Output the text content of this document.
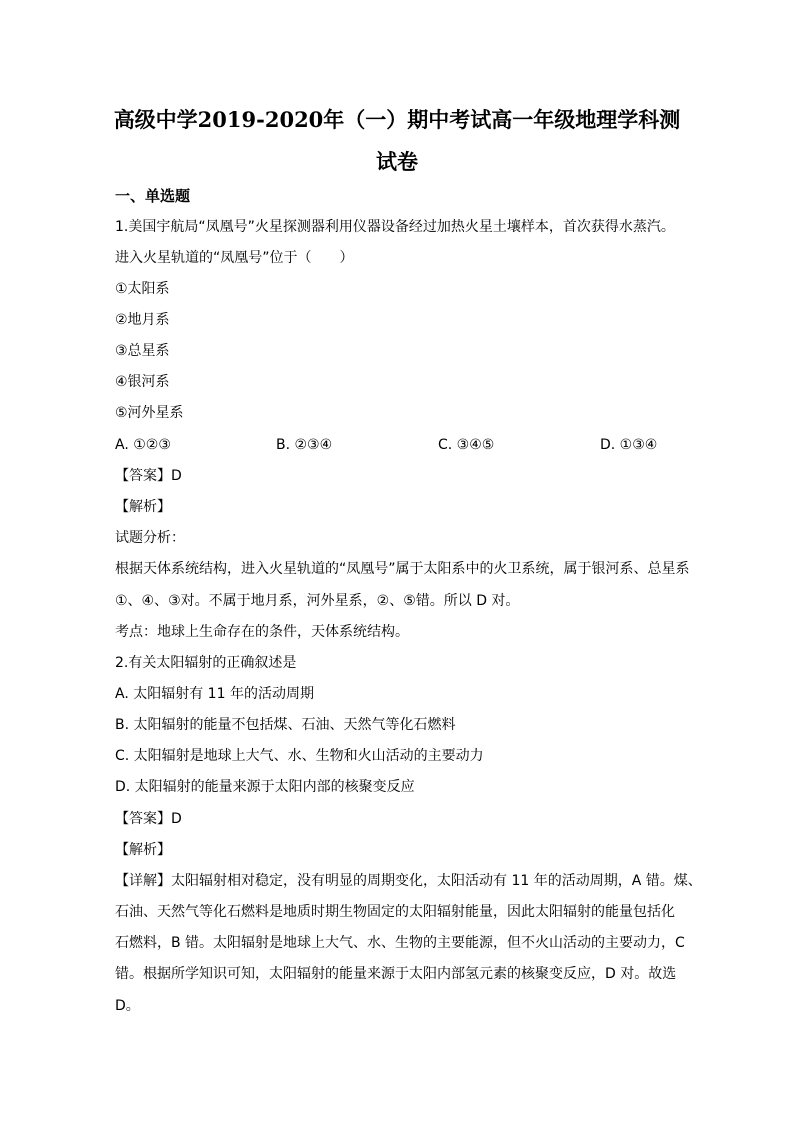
高级中学2019-2020年（一）期中考试高一年级地理学科测
试卷
一、单选题
1.美国宇航局“凤凰号”火星探测器利用仪器设备经过加热火星土壤样本，首次获得水蒸汽。
进入火星轨道的“凤凰号”位于（　　）
①太阳系
②地月系
③总星系
④银河系
⑤河外星系
A. ①②③	B. ②③④	C. ③④⑤	D. ①③④
【答案】D
【解析】
试题分析：
根据天体系统结构，进入火星轨道的“凤凰号”属于太阳系中的火卫系统，属于银河系、总星系
①、④、③对。不属于地月系，河外星系，②、⑤错。所以 D 对。
考点：地球上生命存在的条件，天体系统结构。
2.有关太阳辐射的正确叙述是
A. 太阳辐射有 11 年的活动周期
B. 太阳辐射的能量不包括煤、石油、天然气等化石燃料
C. 太阳辐射是地球上大气、水、生物和火山活动的主要动力
D. 太阳辐射的能量来源于太阳内部的核聚变反应
【答案】D
【解析】
【详解】太阳辐射相对稳定，没有明显的周期变化，太阳活动有 11 年的活动周期，A 错。煤、
石油、天然气等化石燃料是地质时期生物固定的太阳辐射能量，因此太阳辐射的能量包括化
石燃料，B 错。太阳辐射是地球上大气、水、生物的主要能源，但不火山活动的主要动力，C
错。根据所学知识可知，太阳辐射的能量来源于太阳内部氢元素的核聚变反应，D 对。故选
D。
